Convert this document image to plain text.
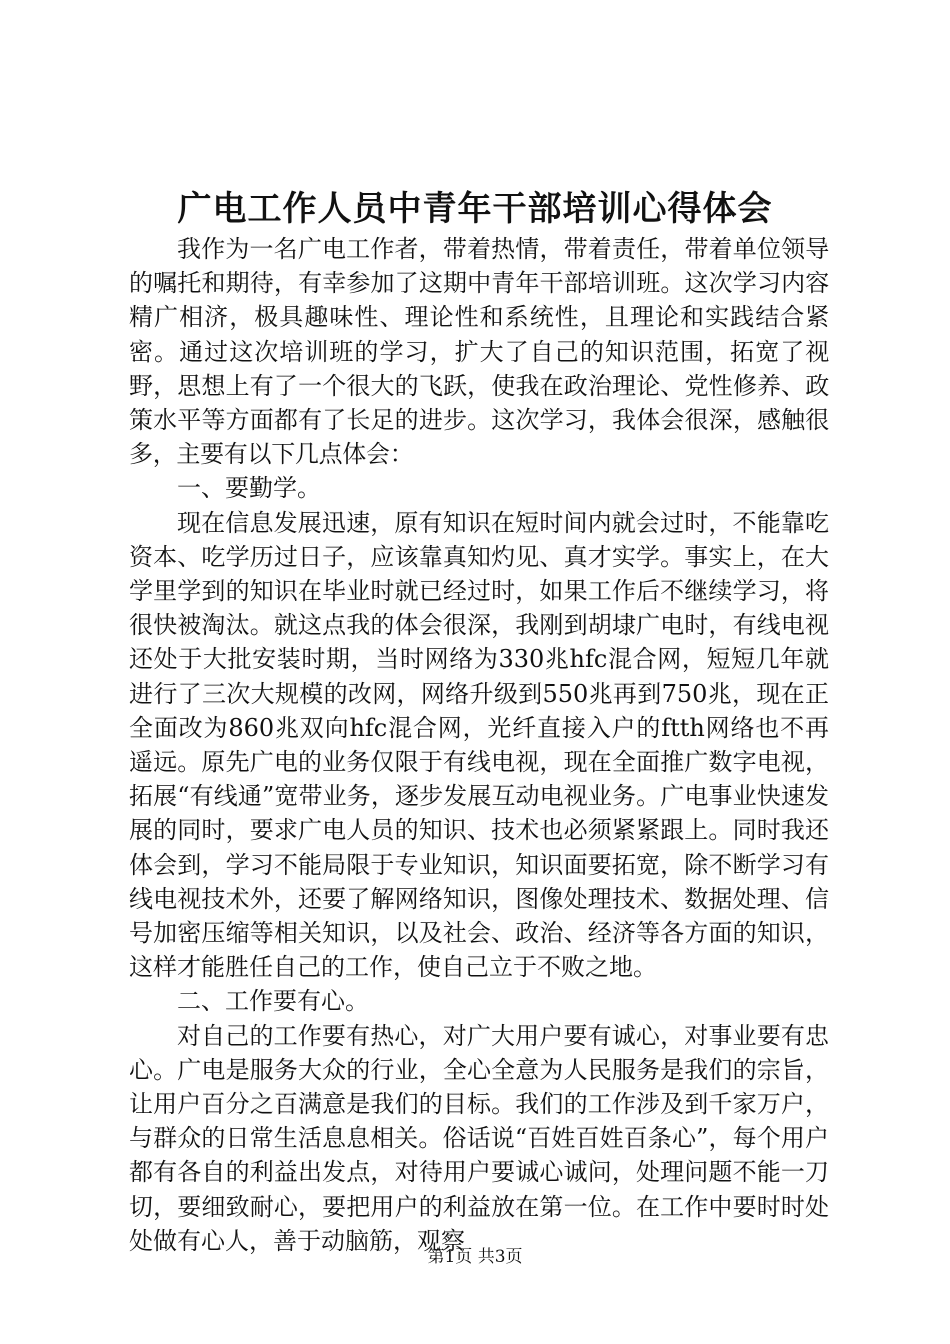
广电工作人员中青年干部培训心得体会

我作为一名广电工作者，带着热情，带着责任，带着单位领导的嘱托和期待，有幸参加了这期中青年干部培训班。这次学习内容精广相济，极具趣味性、理论性和系统性，且理论和实践结合紧密。通过这次培训班的学习，扩大了自己的知识范围，拓宽了视野，思想上有了一个很大的飞跃，使我在政治理论、党性修养、政策水平等方面都有了长足的进步。这次学习，我体会很深，感触很多，主要有以下几点体会：

一、要勤学。

现在信息发展迅速，原有知识在短时间内就会过时，不能靠吃资本、吃学历过日子，应该靠真知灼见、真才实学。事实上，在大学里学到的知识在毕业时就已经过时，如果工作后不继续学习，将很快被淘汰。就这点我的体会很深，我刚到胡埭广电时，有线电视还处于大批安装时期，当时网络为330兆hfc混合网，短短几年就进行了三次大规模的改网，网络升级到550兆再到750兆，现在正全面改为860兆双向hfc混合网，光纤直接入户的ftth网络也不再遥远。原先广电的业务仅限于有线电视，现在全面推广数字电视，拓展“有线通”宽带业务，逐步发展互动电视业务。广电事业快速发展的同时，要求广电人员的知识、技术也必须紧紧跟上。同时我还体会到，学习不能局限于专业知识，知识面要拓宽，除不断学习有线电视技术外，还要了解网络知识，图像处理技术、数据处理、信号加密压缩等相关知识，以及社会、政治、经济等各方面的知识，这样才能胜任自己的工作，使自己立于不败之地。

二、工作要有心。

对自己的工作要有热心，对广大用户要有诚心，对事业要有忠心。广电是服务大众的行业，全心全意为人民服务是我们的宗旨，让用户百分之百满意是我们的目标。我们的工作涉及到千家万户，与群众的日常生活息息相关。俗话说“百姓百姓百条心”，每个用户都有各自的利益出发点，对待用户要诚心诚问，处理问题不能一刀切，要细致耐心，要把用户的利益放在第一位。在工作中要时时处处做有心人，善于动脑筋，观察

第1页 共3页
